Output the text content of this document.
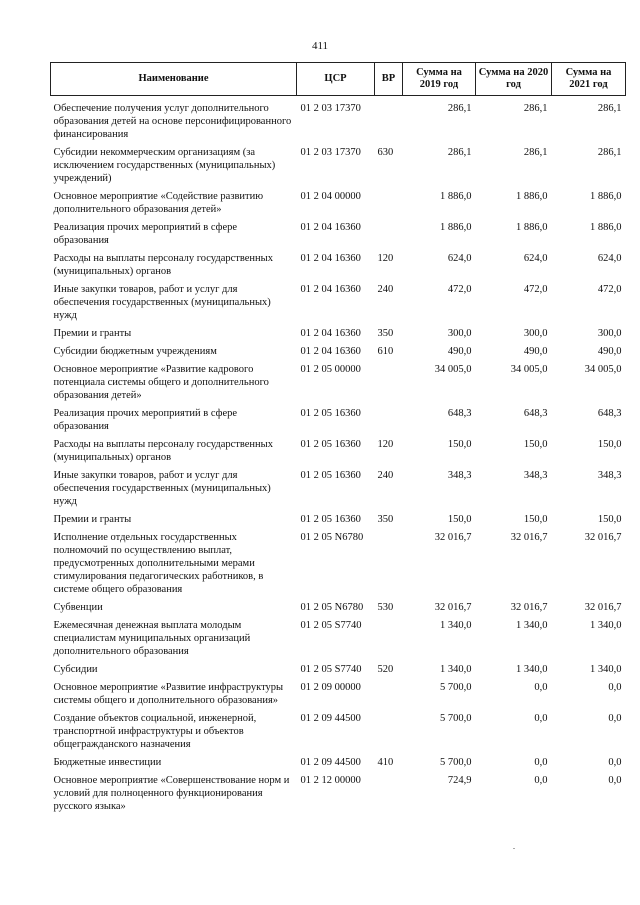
411
Наименование	ЦСР	ВР	Сумма на 2019 год	Сумма на 2020 год	Сумма на 2021 год
Обеспечение получения услуг дополнительного образования детей на основе персонифицированного финансирования	01 2 03 17370		286,1	286,1	286,1
Субсидии некоммерческим организациям (за исключением государственных (муниципальных) учреждений)	01 2 03 17370	630	286,1	286,1	286,1
Основное мероприятие «Содействие развитию дополнительного образования детей»	01 2 04 00000		1 886,0	1 886,0	1 886,0
Реализация прочих мероприятий в сфере образования	01 2 04 16360		1 886,0	1 886,0	1 886,0
Расходы на выплаты персоналу государственных (муниципальных) органов	01 2 04 16360	120	624,0	624,0	624,0
Иные закупки товаров, работ и услуг для обеспечения государственных (муниципальных) нужд	01 2 04 16360	240	472,0	472,0	472,0
Премии и гранты	01 2 04 16360	350	300,0	300,0	300,0
Субсидии бюджетным учреждениям	01 2 04 16360	610	490,0	490,0	490,0
Основное мероприятие «Развитие кадрового потенциала системы общего и дополнительного образования детей»	01 2 05 00000		34 005,0	34 005,0	34 005,0
Реализация прочих мероприятий в сфере образования	01 2 05 16360		648,3	648,3	648,3
Расходы на выплаты персоналу государственных (муниципальных) органов	01 2 05 16360	120	150,0	150,0	150,0
Иные закупки товаров, работ и услуг для обеспечения государственных (муниципальных) нужд	01 2 05 16360	240	348,3	348,3	348,3
Премии и гранты	01 2 05 16360	350	150,0	150,0	150,0
Исполнение отдельных государственных полномочий по осуществлению выплат, предусмотренных дополнительными мерами стимулирования педагогических работников, в системе общего образования	01 2 05 N6780		32 016,7	32 016,7	32 016,7
Субвенции	01 2 05 N6780	530	32 016,7	32 016,7	32 016,7
Ежемесячная денежная выплата молодым специалистам муниципальных организаций дополнительного образования	01 2 05 S7740		1 340,0	1 340,0	1 340,0
Субсидии	01 2 05 S7740	520	1 340,0	1 340,0	1 340,0
Основное мероприятие «Развитие инфраструктуры системы общего и дополнительного образования»	01 2 09 00000		5 700,0	0,0	0,0
Создание объектов социальной, инженерной, транспортной инфраструктуры и объектов общегражданского назначения	01 2 09 44500		5 700,0	0,0	0,0
Бюджетные инвестиции	01 2 09 44500	410	5 700,0	0,0	0,0
Основное мероприятие «Совершенствование норм и условий для полноценного функционирования русского языка»	01 2 12 00000		724,9	0,0	0,0
.
